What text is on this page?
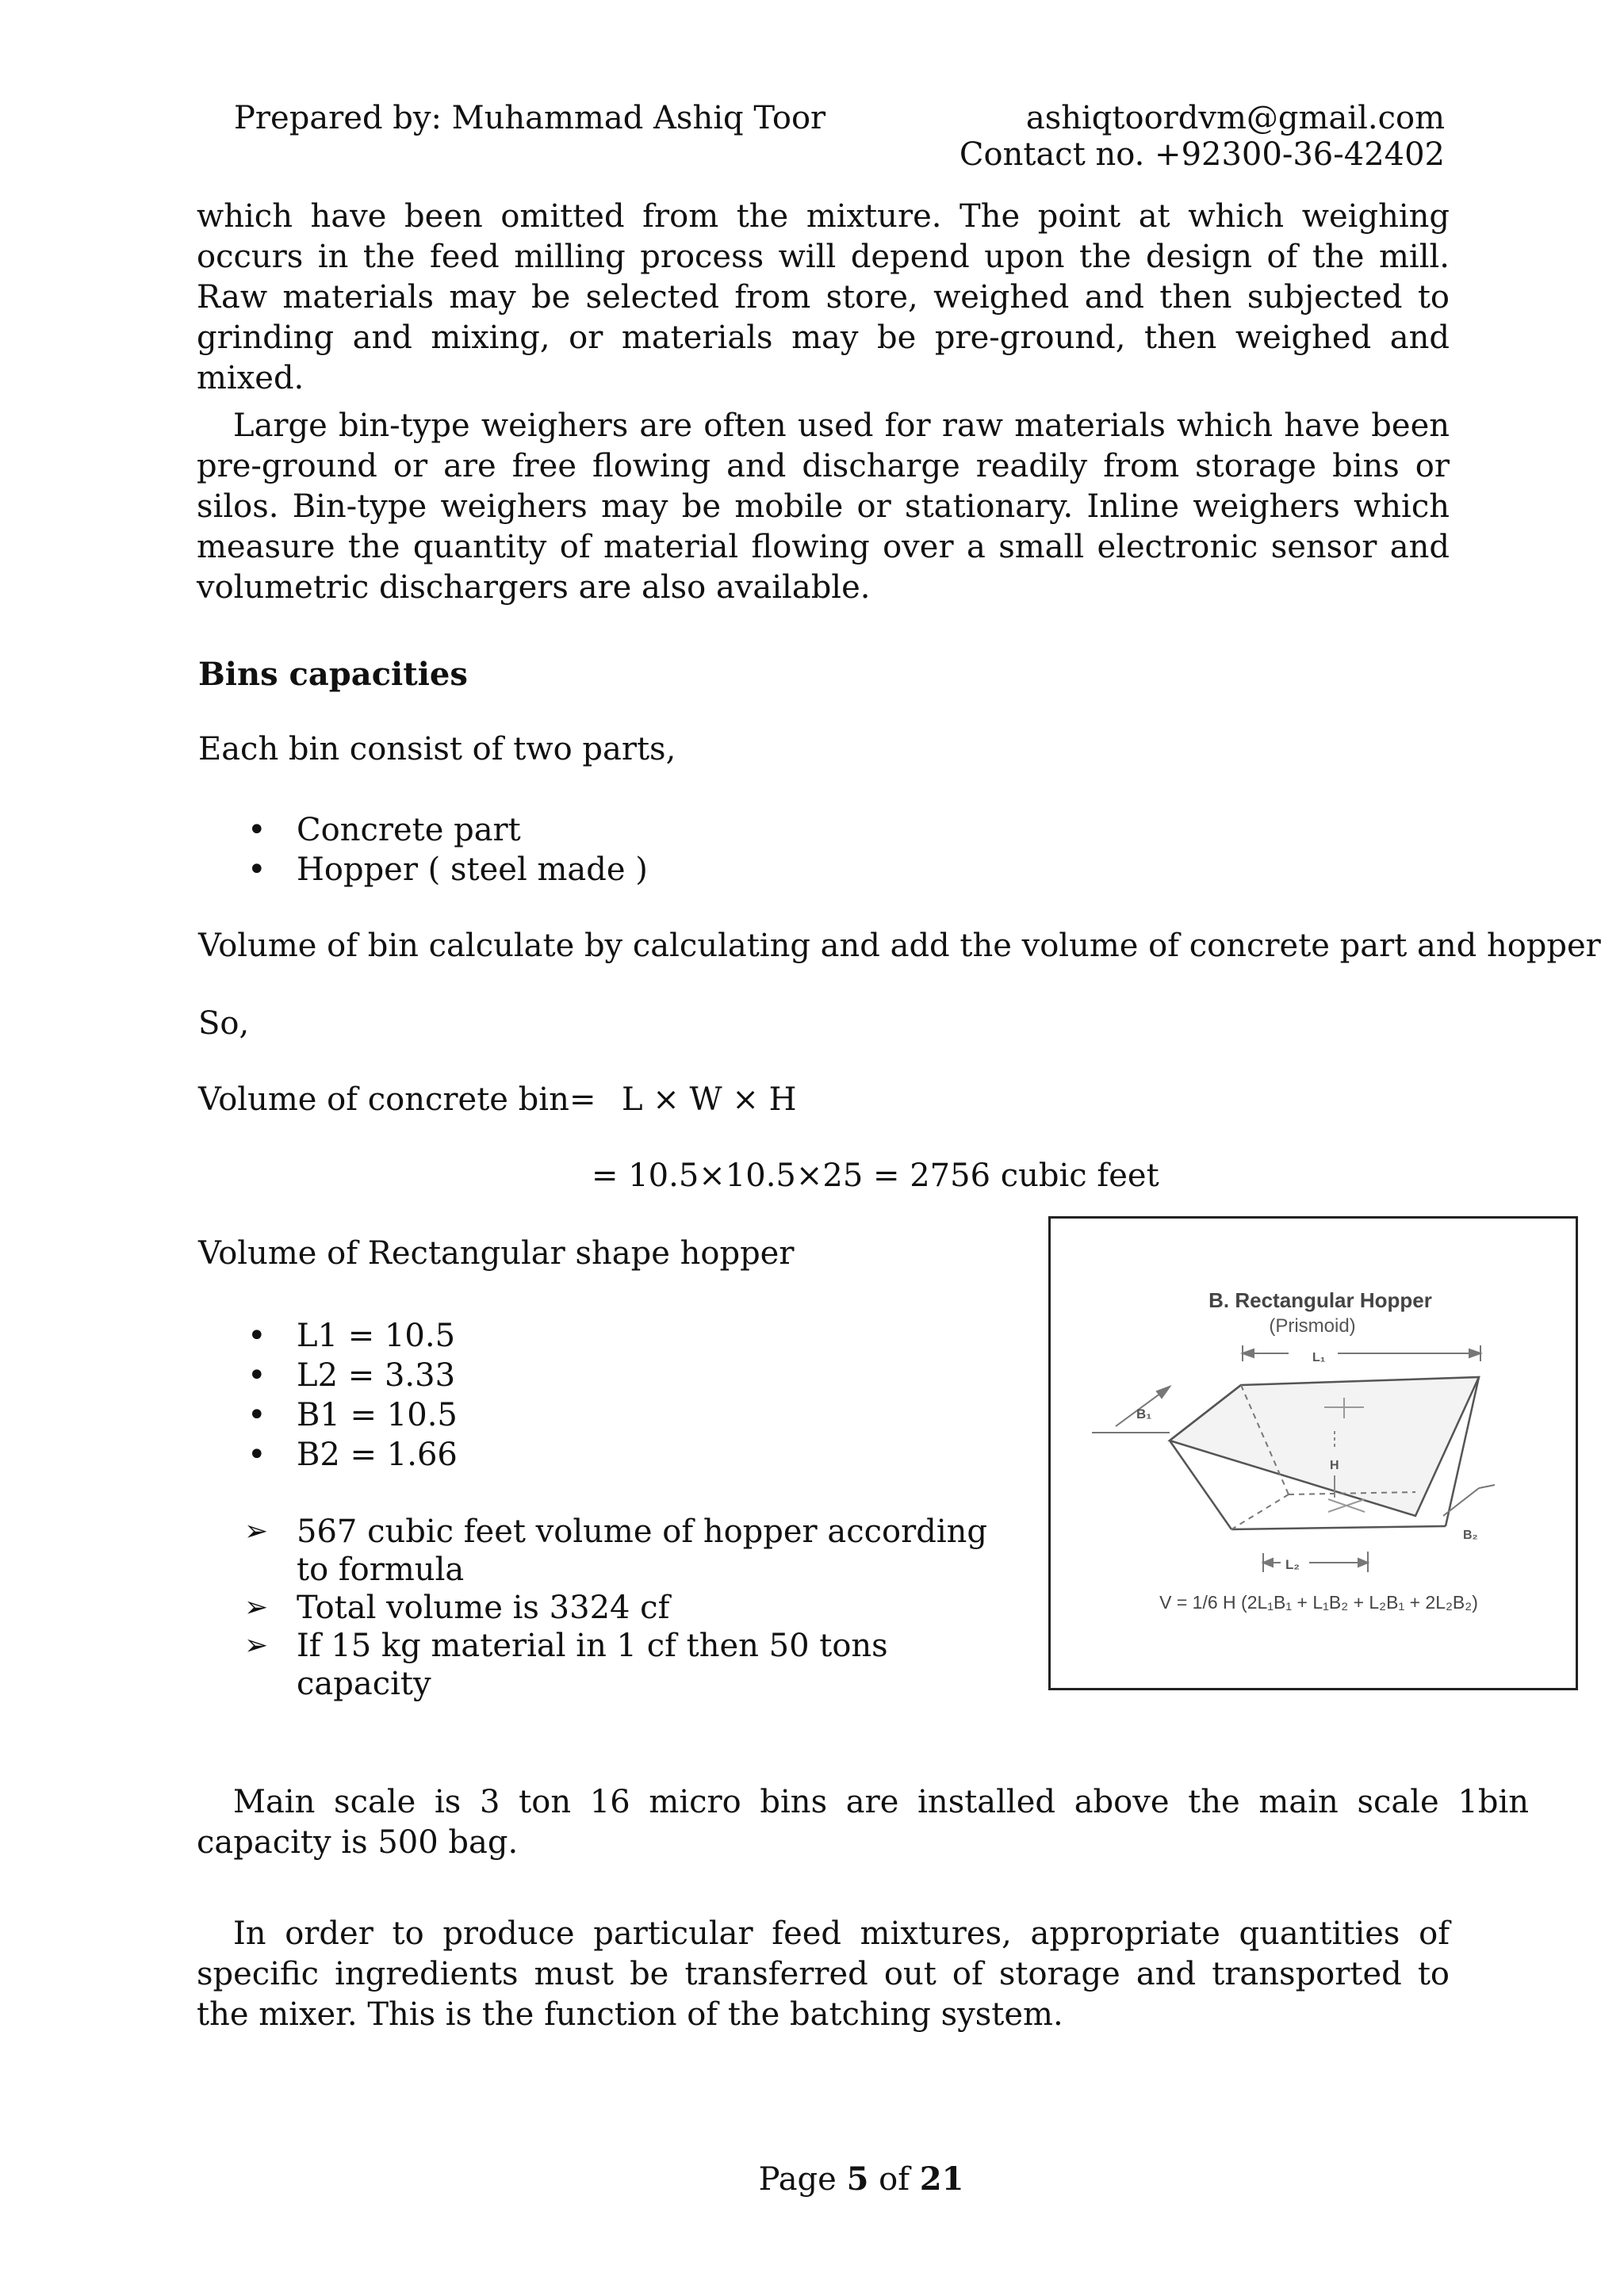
Prepared by: Muhammad Ashiq Toor	ashiqtoordvm@gmail.com
Contact no. +92300-36-42402
which have been omitted from the mixture. The point at which weighing occurs in the feed milling process will depend upon the design of the mill. Raw materials may be selected from store, weighed and then subjected to grinding and mixing, or materials may be pre-ground, then weighed and mixed.
Large bin-type weighers are often used for raw materials which have been pre-ground or are free flowing and discharge readily from storage bins or silos. Bin-type weighers may be mobile or stationary. Inline weighers which measure the quantity of material flowing over a small electronic sensor and volumetric dischargers are also available.
Bins capacities
Each bin consist of two parts,
• Concrete part
• Hopper ( steel made )
Volume of bin calculate by calculating and add the volume of concrete part and hopper
So,
Volume of concrete bin = L × W × H
= 10.5×10.5×25 = 2756 cubic feet
Volume of Rectangular shape hopper
• L1 = 10.5
• L2 = 3.33
• B1 = 10.5
• B2 = 1.66
➢ 567 cubic feet volume of hopper according to formula
➢ Total volume is 3324 cf
➢ If 15 kg material in 1 cf then 50 tons capacity
B. Rectangular Hopper
(Prismoid)
L₁
H
B₁
B₂
L₂
V = 1/6 H (2L₁B₁ + L₁B₂ + L₂B₁ + 2L₂B₂)
Main scale is 3 ton 16 micro bins are installed above the main scale 1bin capacity is 500 bag.
In order to produce particular feed mixtures, appropriate quantities of specific ingredients must be transferred out of storage and transported to the mixer. This is the function of the batching system.
Page 5 of 21
